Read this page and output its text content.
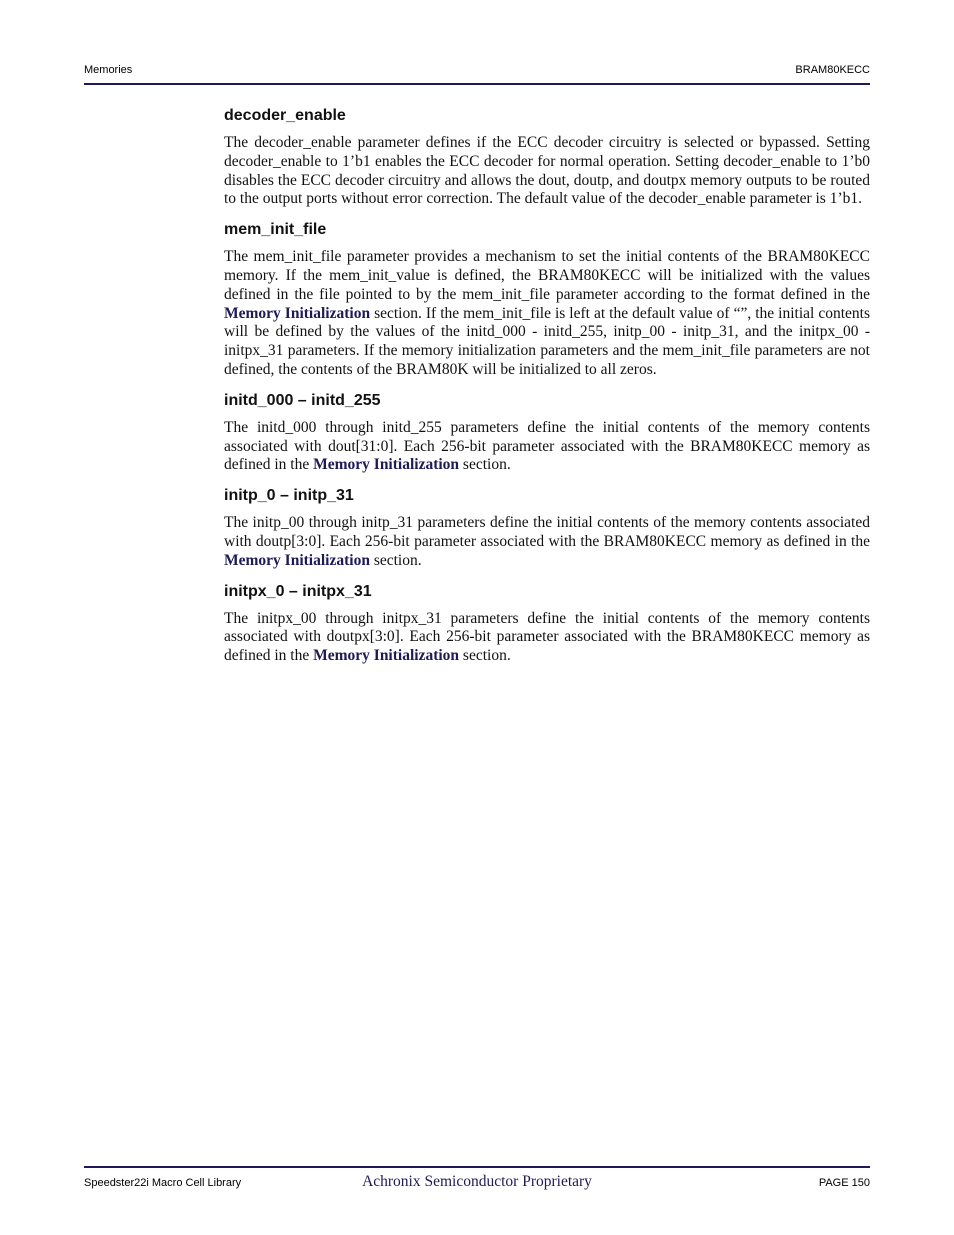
Memories	BRAM80KECC
decoder_enable

The decoder_enable parameter defines if the ECC decoder circuitry is selected or bypassed. Setting decoder_enable to 1’b1 enables the ECC decoder for normal operation. Setting decoder_enable to 1’b0 disables the ECC decoder circuitry and allows the dout, doutp, and doutpx memory outputs to be routed to the output ports without error correction. The default value of the decoder_enable parameter is 1’b1.

mem_init_file

The mem_init_file parameter provides a mechanism to set the initial contents of the BRAM80KECC memory. If the mem_init_value is defined, the BRAM80KECC will be initialized with the values defined in the file pointed to by the mem_init_file parameter according to the format defined in the Memory Initialization section. If the mem_init_file is left at the default value of “”, the initial contents will be defined by the values of the initd_000 - initd_255, initp_00 - initp_31, and the initpx_00 - initpx_31 parameters. If the memory initialization parameters and the mem_init_file parameters are not defined, the contents of the BRAM80K will be initialized to all zeros.

initd_000 – initd_255

The initd_000 through initd_255 parameters define the initial contents of the memory contents associated with dout[31:0]. Each 256-bit parameter associated with the BRAM80KECC memory as defined in the Memory Initialization section.

initp_0 – initp_31

The initp_00 through initp_31 parameters define the initial contents of the memory contents associated with doutp[3:0]. Each 256-bit parameter associated with the BRAM80KECC memory as defined in the Memory Initialization section.

initpx_0 – initpx_31

The initpx_00 through initpx_31 parameters define the initial contents of the memory contents associated with doutpx[3:0]. Each 256-bit parameter associated with the BRAM80KECC memory as defined in the Memory Initialization section.

Speedster22i Macro Cell Library	Achronix Semiconductor Proprietary	PAGE 150
